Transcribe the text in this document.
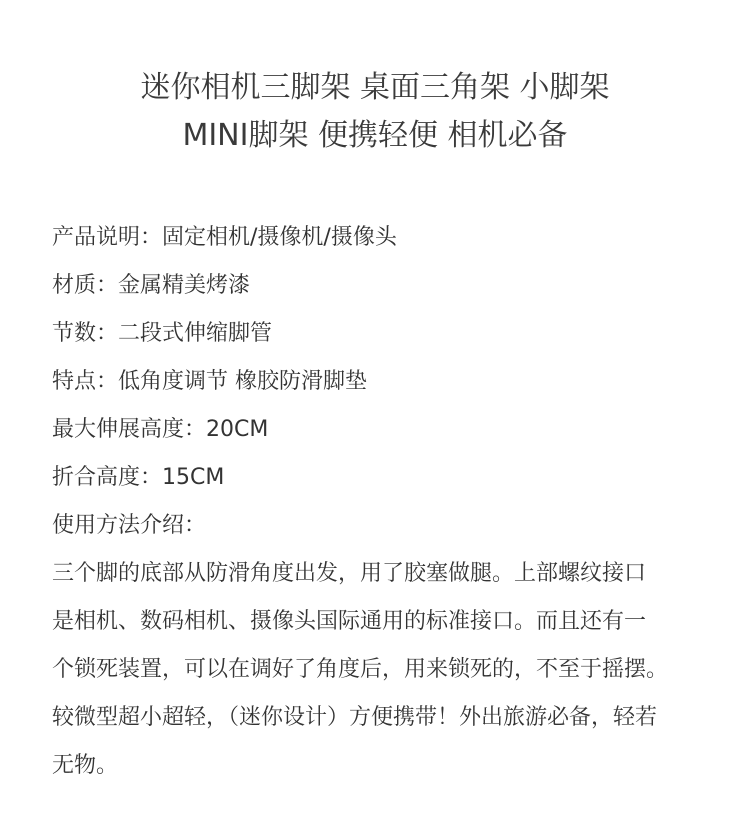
迷你相机三脚架 桌面三角架 小脚架
MINI脚架 便携轻便 相机必备
产品说明：固定相机/摄像机/摄像头
材质：金属精美烤漆
节数：二段式伸缩脚管
特点：低角度调节 橡胶防滑脚垫
最大伸展高度：20CM
折合高度：15CM
使用方法介绍：
三个脚的底部从防滑角度出发，用了胶塞做腿。上部螺纹接口
是相机、数码相机、摄像头国际通用的标准接口。而且还有一
个锁死装置，可以在调好了角度后，用来锁死的，不至于摇摆。
较微型超小超轻，（迷你设计）方便携带！外出旅游必备，轻若
无物。
